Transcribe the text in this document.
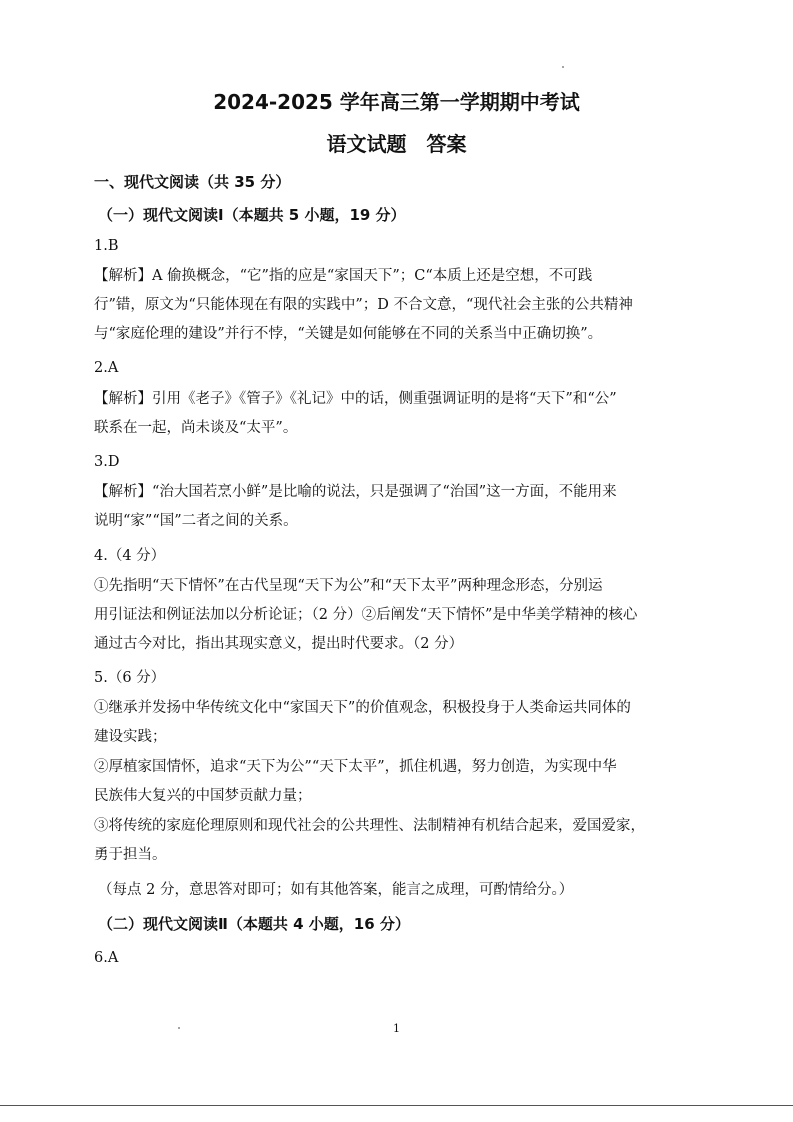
2024-2025 学年高三第一学期期中考试
语文试题　答案
一、现代文阅读（共 35 分）
（一）现代文阅读Ⅰ（本题共 5 小题，19 分）
1.B
【解析】A 偷换概念，“它”指的应是“家国天下”；C“本质上还是空想，不可践
行”错，原文为“只能体现在有限的实践中”；D 不合文意，“现代社会主张的公共精神
与“家庭伦理的建设”并行不悖，“关键是如何能够在不同的关系当中正确切换”。
2.A
【解析】引用《老子》《管子》《礼记》中的话，侧重强调证明的是将“天下”和“公”
联系在一起，尚未谈及“太平”。
3.D
【解析】“治大国若烹小鲜”是比喻的说法，只是强调了“治国”这一方面，不能用来
说明“家”“国”二者之间的关系。
4.（4 分）
①先指明“天下情怀”在古代呈现“天下为公”和“天下太平”两种理念形态，分别运
用引证法和例证法加以分析论证；（2 分）②后阐发“天下情怀”是中华美学精神的核心
通过古今对比，指出其现实意义，提出时代要求。（2 分）
5.（6 分）
①继承并发扬中华传统文化中“家国天下”的价值观念，积极投身于人类命运共同体的
建设实践；
②厚植家国情怀，追求“天下为公”“天下太平”，抓住机遇，努力创造，为实现中华
民族伟大复兴的中国梦贡献力量；
③将传统的家庭伦理原则和现代社会的公共理性、法制精神有机结合起来，爱国爱家，
勇于担当。
（每点 2 分，意思答对即可；如有其他答案，能言之成理，可酌情给分。）
（二）现代文阅读Ⅱ（本题共 4 小题，16 分）
6.A
1
